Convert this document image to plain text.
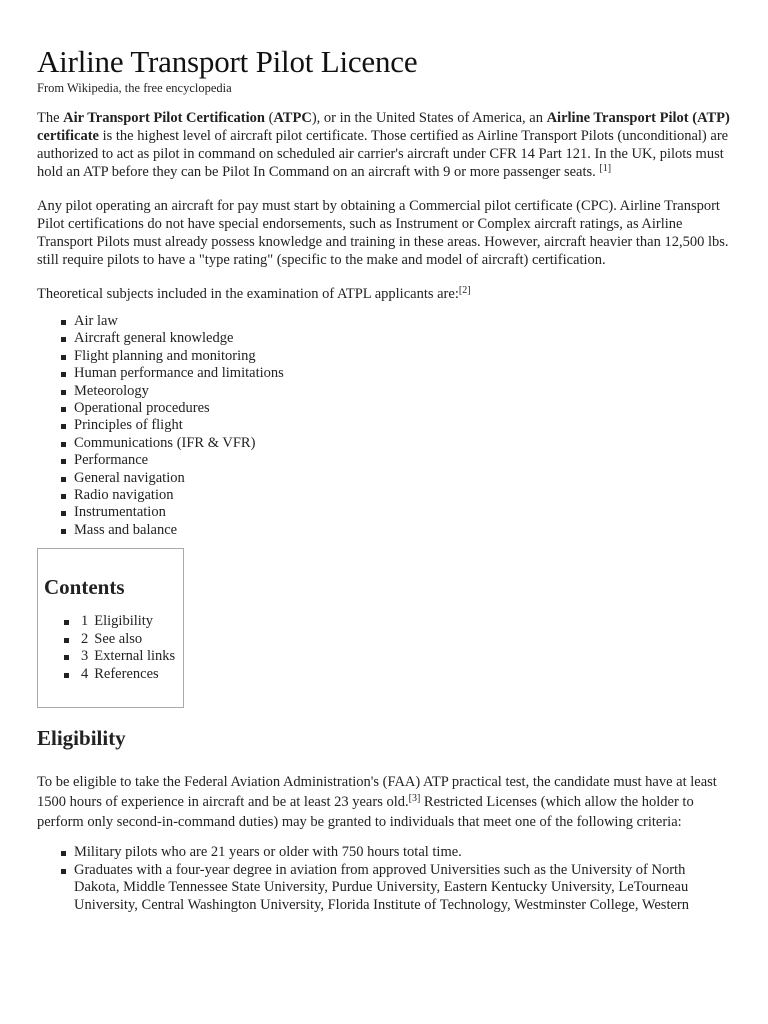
Airline Transport Pilot Licence
From Wikipedia, the free encyclopedia

The Air Transport Pilot Certification (ATPC), or in the United States of America, an Airline Transport Pilot (ATP) certificate is the highest level of aircraft pilot certificate. Those certified as Airline Transport Pilots (unconditional) are authorized to act as pilot in command on scheduled air carrier's aircraft under CFR 14 Part 121. In the UK, pilots must hold an ATP before they can be Pilot In Command on an aircraft with 9 or more passenger seats. [1]

Any pilot operating an aircraft for pay must start by obtaining a Commercial pilot certificate (CPC). Airline Transport Pilot certifications do not have special endorsements, such as Instrument or Complex aircraft ratings, as Airline Transport Pilots must already possess knowledge and training in these areas. However, aircraft heavier than 12,500 lbs. still require pilots to have a "type rating" (specific to the make and model of aircraft) certification.

Theoretical subjects included in the examination of ATPL applicants are:[2]

Air law
Aircraft general knowledge
Flight planning and monitoring
Human performance and limitations
Meteorology
Operational procedures
Principles of flight
Communications (IFR & VFR)
Performance
General navigation
Radio navigation
Instrumentation
Mass and balance
Contents
1 Eligibility
2 See also
3 External links
4 References
Eligibility

To be eligible to take the Federal Aviation Administration's (FAA) ATP practical test, the candidate must have at least 1500 hours of experience in aircraft and be at least 23 years old.[3] Restricted Licenses (which allow the holder to perform only second-in-command duties) may be granted to individuals that meet one of the following criteria:

Military pilots who are 21 years or older with 750 hours total time.
Graduates with a four-year degree in aviation from approved Universities such as the University of North Dakota, Middle Tennessee State University, Purdue University, Eastern Kentucky University, LeTourneau University, Central Washington University, Florida Institute of Technology, Westminster College, Western
